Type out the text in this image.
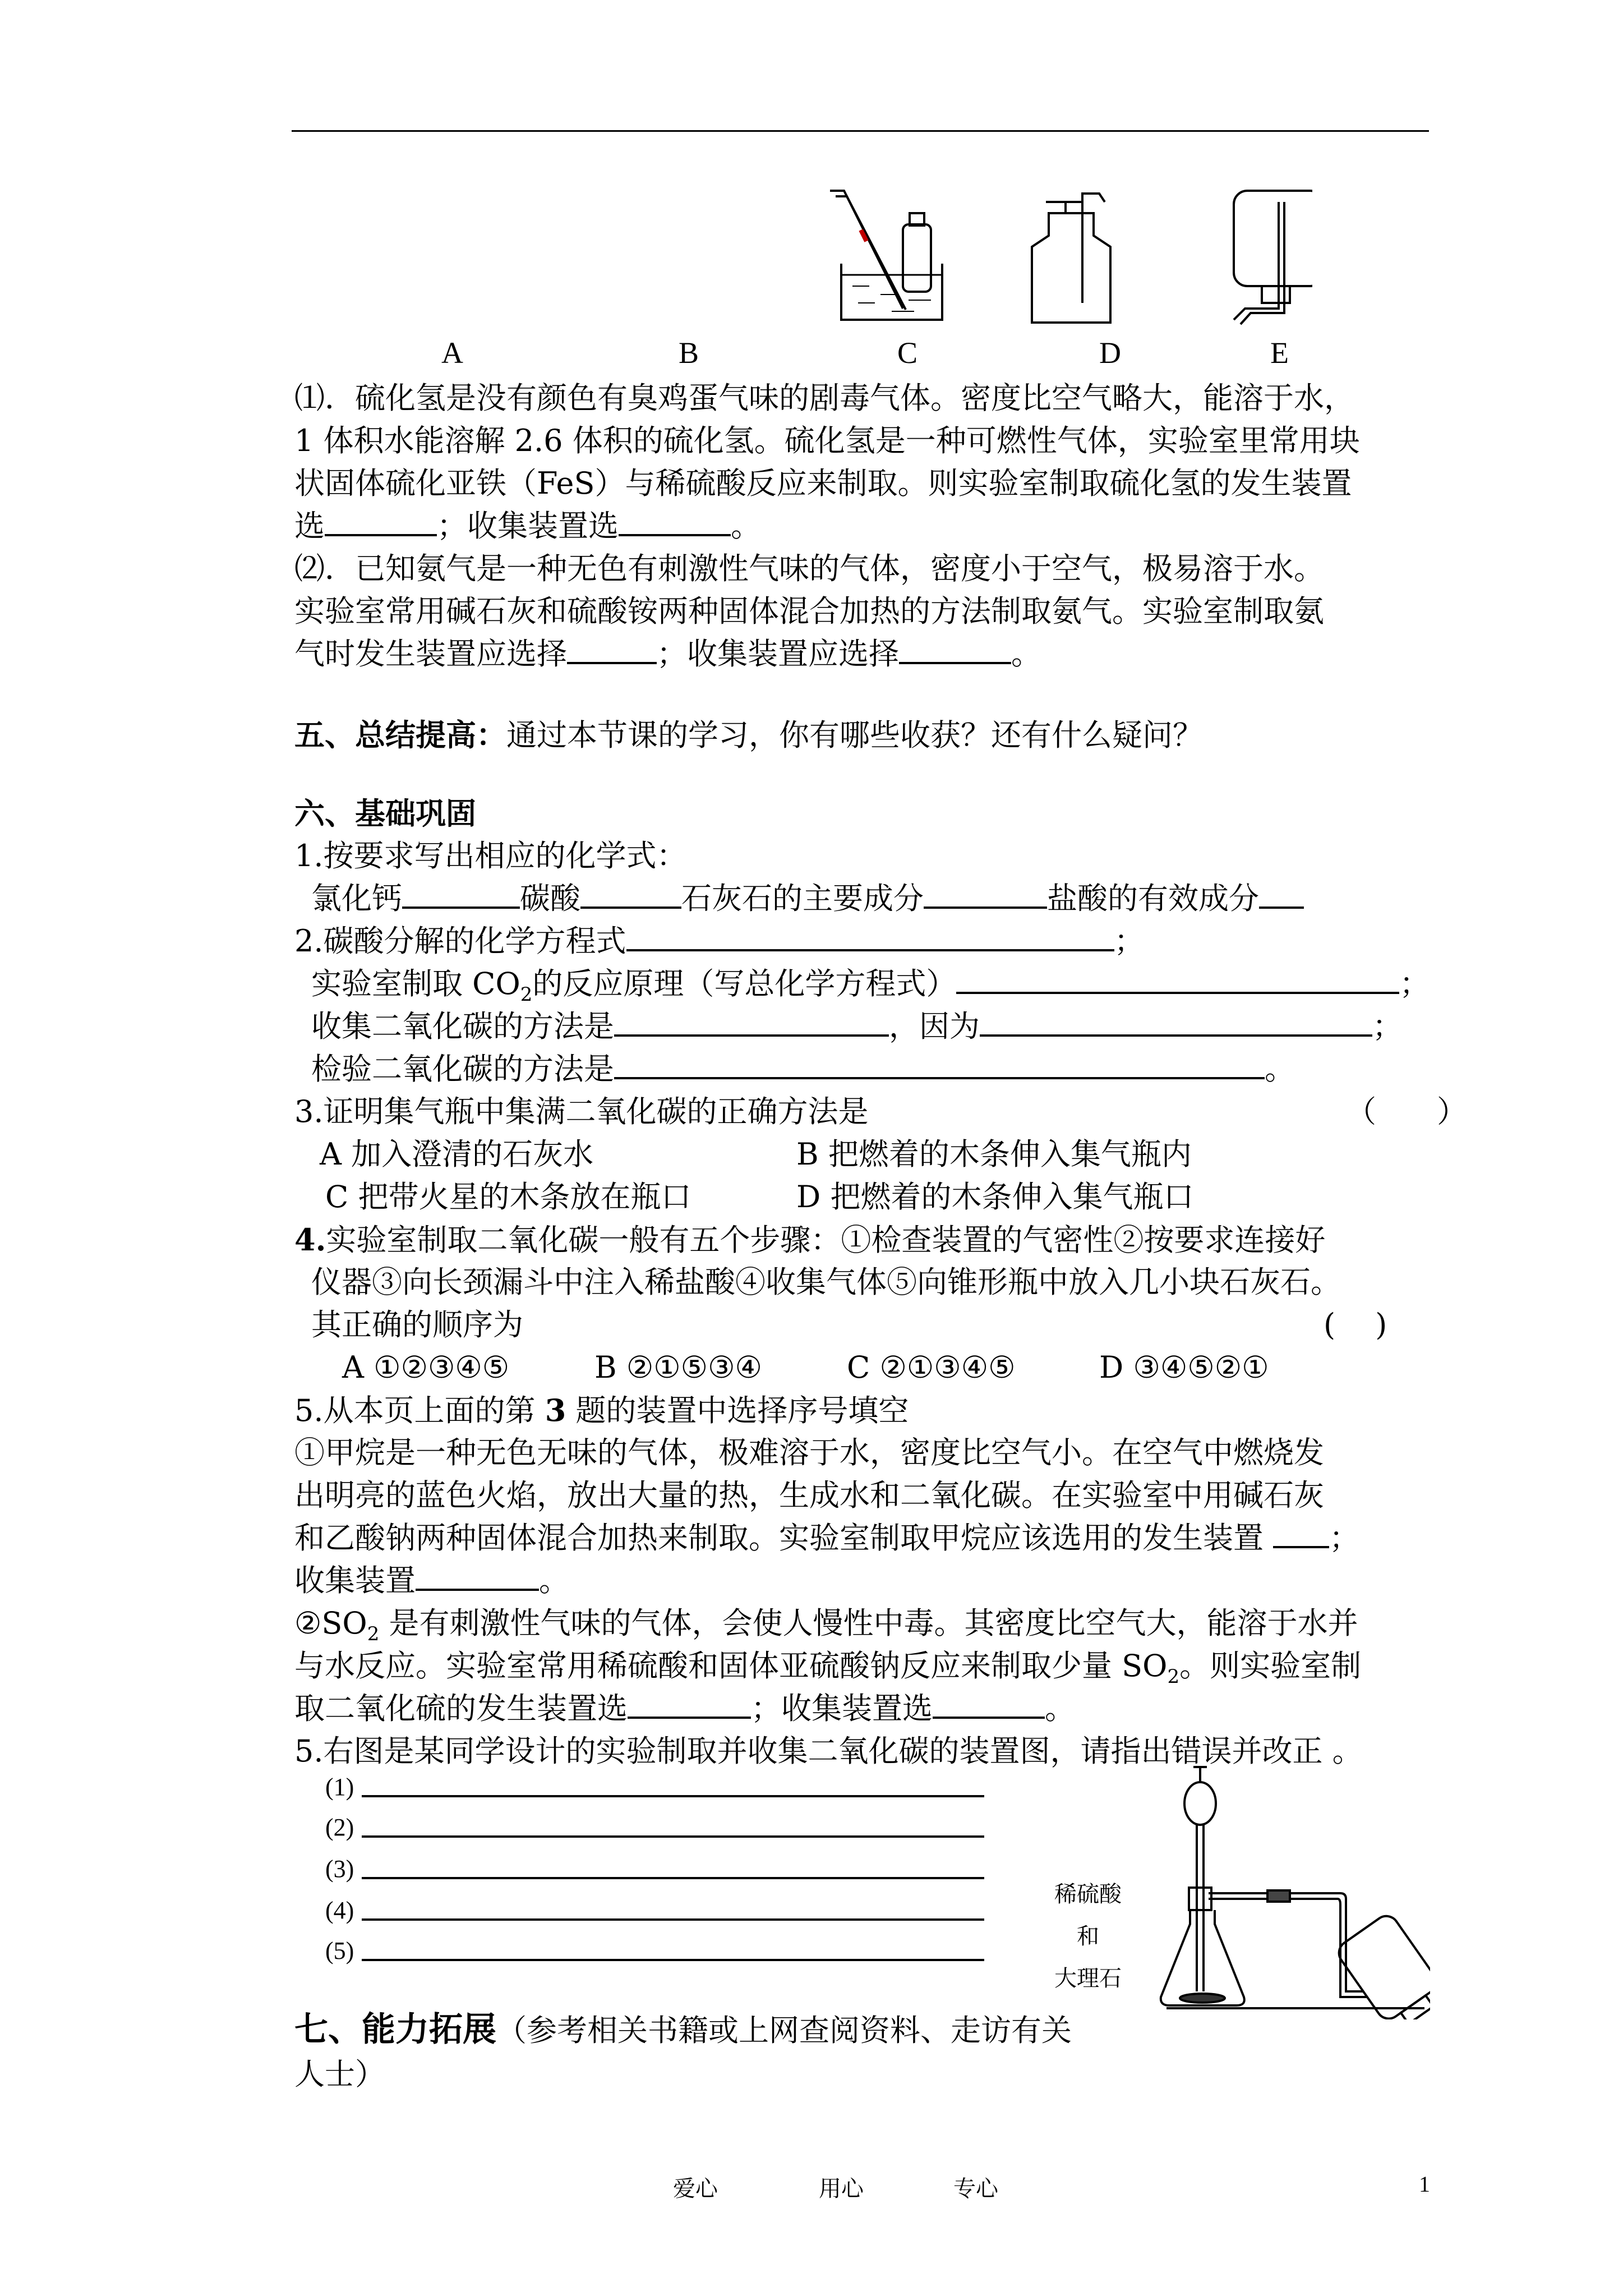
A	B	C	D	E
⑴．硫化氢是没有颜色有臭鸡蛋气味的剧毒气体。密度比空气略大，能溶于水，
1 体积水能溶解 2.6 体积的硫化氢。硫化氢是一种可燃性气体，实验室里常用块
状固体硫化亚铁（FeS）与稀硫酸反应来制取。则实验室制取硫化氢的发生装置
选	；收集装置选	。
⑵．已知氨气是一种无色有刺激性气味的气体，密度小于空气，极易溶于水。
实验室常用碱石灰和硫酸铵两种固体混合加热的方法制取氨气。实验室制取氨
气时发生装置应选择	；收集装置应选择	。
五、总结提高：通过本节课的学习，你有哪些收获？还有什么疑问？
六、基础巩固
1.按要求写出相应的化学式：
氯化钙	碳酸	石灰石的主要成分	盐酸的有效成分
2.碳酸分解的化学方程式	；
实验室制取 $CO_2$的反应原理（写总化学方程式）	；
收集二氧化碳的方法是	，因为	；
检验二氧化碳的方法是	。
3.证明集气瓶中集满二氧化碳的正确方法是	（　　）
A 加入澄清的石灰水	B 把燃着的木条伸入集气瓶内
C 把带火星的木条放在瓶口	D 把燃着的木条伸入集气瓶口
4.实验室制取二氧化碳一般有五个步骤：①检查装置的气密性②按要求连接好
仪器③向长颈漏斗中注入稀盐酸④收集气体⑤向锥形瓶中放入几小块石灰石。
其正确的顺序为	(　 )
A ①②③④⑤	B ②①⑤③④	C ②①③④⑤	D ③④⑤②①
5.从本页上面的第 3 题的装置中选择序号填空
①甲烷是一种无色无味的气体，极难溶于水，密度比空气小。在空气中燃烧发
出明亮的蓝色火焰，放出大量的热，生成水和二氧化碳。在实验室中用碱石灰
和乙酸钠两种固体混合加热来制取。实验室制取甲烷应该选用的发生装置 ；
收集装置	。
$②SO_2$ 是有刺激性气味的气体，会使人慢性中毒。其密度比空气大，能溶于水并
与水反应。实验室常用稀硫酸和固体亚硫酸钠反应来制取少量 $SO_2$。则实验室制
取二氧化硫的发生装置选	；收集装置选	。
5.右图是某同学设计的实验制取并收集二氧化碳的装置图，请指出错误并改正 。
(1)
(2)
(3)
(4)
(5)
稀硫酸
和
大理石
七、能力拓展（参考相关书籍或上网查阅资料、走访有关
人士）
爱心	用心	专心	1
